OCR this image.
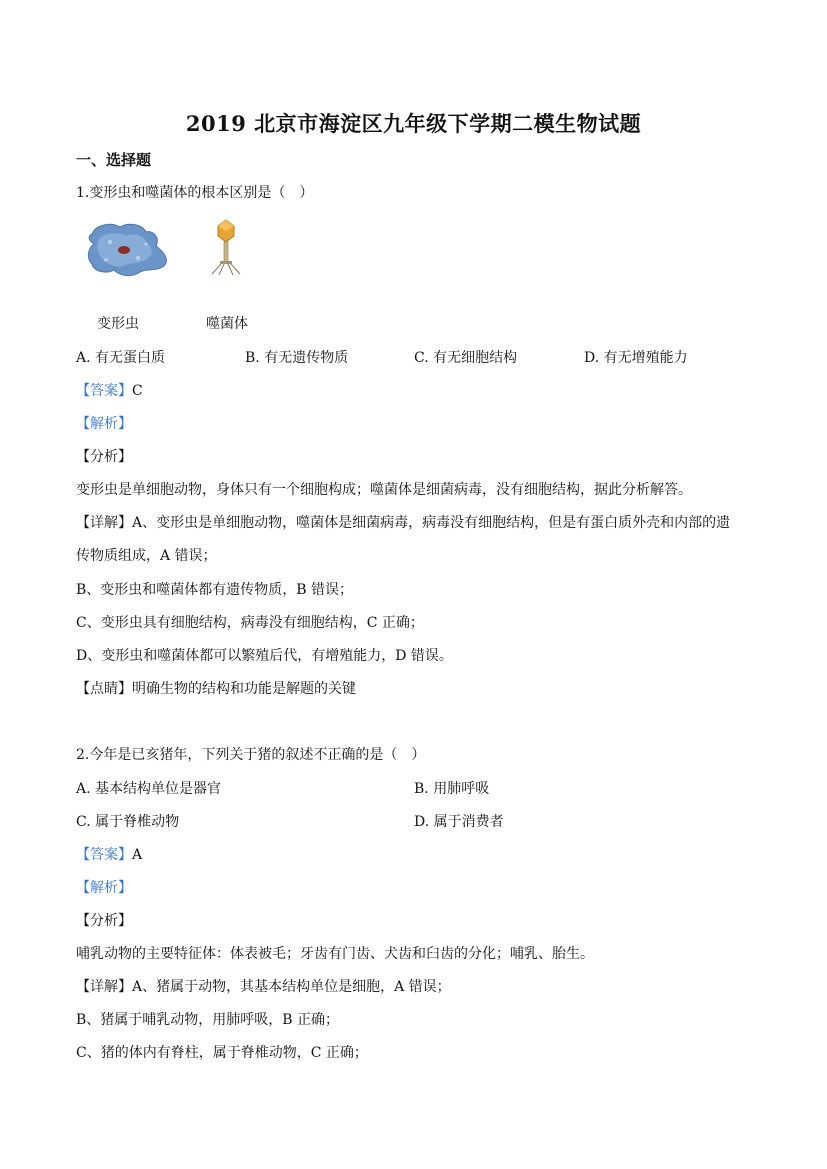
2019 北京市海淀区九年级下学期二模生物试题
一、选择题
1.变形虫和噬菌体的根本区别是（　）
变形虫	噬菌体
A. 有无蛋白质	B. 有无遗传物质	C. 有无细胞结构	D. 有无增殖能力
【答案】C
【解析】
【分析】
变形虫是单细胞动物，身体只有一个细胞构成；噬菌体是细菌病毒，没有细胞结构，据此分析解答。
【详解】A、变形虫是单细胞动物，噬菌体是细菌病毒，病毒没有细胞结构，但是有蛋白质外壳和内部的遗
传物质组成，A 错误；
B、变形虫和噬菌体都有遗传物质，B 错误；
C、变形虫具有细胞结构，病毒没有细胞结构，C 正确；
D、变形虫和噬菌体都可以繁殖后代，有增殖能力，D 错误。
【点睛】明确生物的结构和功能是解题的关键
2.今年是已亥猪年，下列关于猪的叙述不正确的是（　）
A. 基本结构单位是器官	B. 用肺呼吸
C. 属于脊椎动物	D. 属于消费者
【答案】A
【解析】
【分析】
哺乳动物的主要特征体：体表被毛；牙齿有门齿、犬齿和臼齿的分化；哺乳、胎生。
【详解】A、猪属于动物，其基本结构单位是细胞，A 错误；
B、猪属于哺乳动物，用肺呼吸，B 正确；
C、猪的体内有脊柱，属于脊椎动物，C 正确；
